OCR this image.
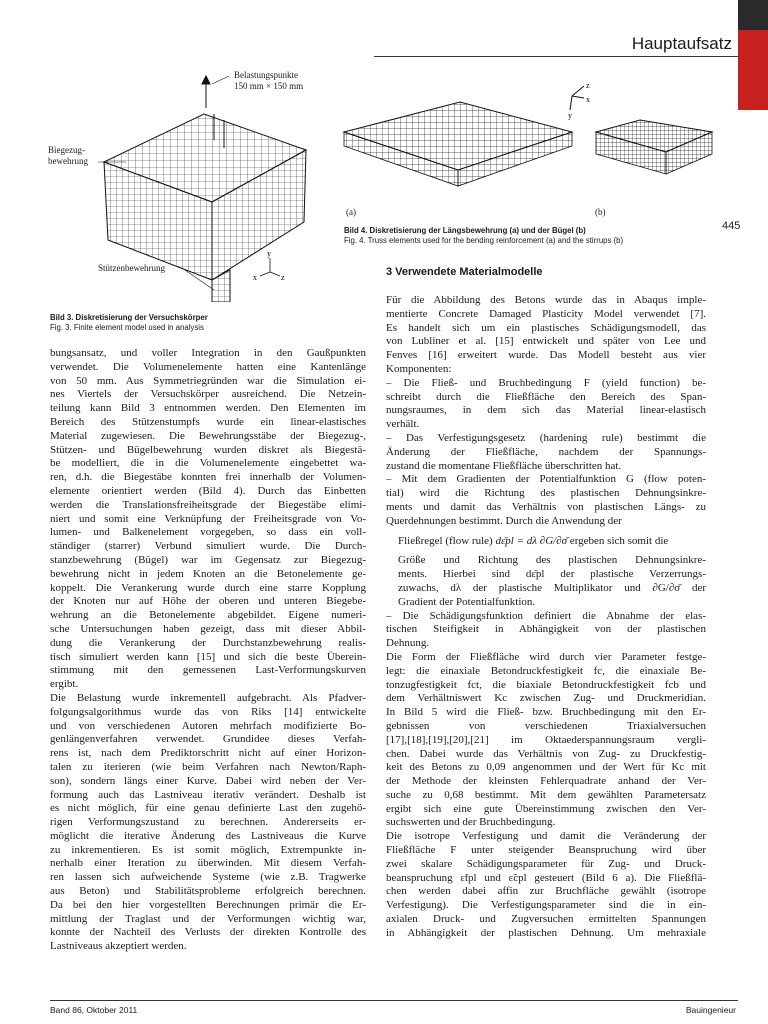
Hauptaufsatz
445
y
x	z
Belastungspunkte
150 mm × 150 mm
Biegezug-
bewehrung
Stützenbewehrung
Bild 3. Diskretisierung der Versuchskörper
Fig. 3. Finite element model used in analysis
z
x
y
(a)	(b)
Bild 4. Diskretisierung der Längsbewehrung (a) und der Bügel (b)
Fig. 4. Truss elements used for the bending reinforcement (a) and the stirrups (b)
bungsansatz, und voller Integration in den Gaußpunkten
verwendet. Die Volumenelemente hatten eine Kantenlänge
von 50 mm. Aus Symmetriegründen war die Simulation ei-
nes Viertels der Versuchskörper ausreichend. Die Netzein-
teilung kann Bild 3 entnommen werden. Den Elementen im
Bereich des Stützenstumpfs wurde ein linear-elastisches
Material zugewiesen. Die Bewehrungsstäbe der Biegezug-,
Stützen- und Bügelbewehrung wurden diskret als Biegestä-
be modelliert, die in die Volumenelemente eingebettet wa-
ren, d.h. die Biegestäbe konnten frei innerhalb der Volumen-
elemente orientiert werden (Bild 4). Durch das Einbetten
werden die Translationsfreiheitsgrade der Biegestäbe elimi-
niert und somit eine Verknüpfung der Freiheitsgrade von Vo-
lumen- und Balkenelement vorgegeben, so dass ein voll-
ständiger (starrer) Verbund simuliert wurde. Die Durch-
stanzbewehrung (Bügel) war im Gegensatz zur Biegezug-
bewehrung nicht in jedem Knoten an die Betonelemente ge-
koppelt. Die Verankerung wurde durch eine starre Kopplung
der Knoten nur auf Höhe der oberen und unteren Biegebe-
wehrung an die Betonelemente abgebildet. Eigene numeri-
sche Untersuchungen haben gezeigt, dass mit dieser Abbil-
dung die Verankerung der Durchstanzbewehrung realis-
tisch simuliert werden kann [15] und sich die beste Überein-
stimmung mit den gemessenen Last-Verformungskurven
ergibt.
Die Belastung wurde inkrementell aufgebracht. Als Pfadver-
folgungsalgorithmus wurde das von Riks [14] entwickelte
und von verschiedenen Autoren mehrfach modifizierte Bo-
genlängenverfahren verwendet. Grundidee dieses Verfah-
rens ist, nach dem Prediktorschritt nicht auf einer Horizon-
talen zu iterieren (wie beim Verfahren nach Newton/Raph-
son), sondern längs einer Kurve. Dabei wird neben der Ver-
formung auch das Lastniveau iterativ verändert. Deshalb ist
es nicht möglich, für eine genau definierte Last den zugehö-
rigen Verformungszustand zu berechnen. Andererseits er-
möglicht die iterative Änderung des Lastniveaus die Kurve
zu inkrementieren. Es ist somit möglich, Extrempunkte in-
nerhalb einer Iteration zu überwinden. Mit diesem Verfah-
ren lassen sich aufweichende Systeme (wie z.B. Tragwerke
aus Beton) und Stabilitätsprobleme erfolgreich berechnen.
Da bei den hier vorgestellten Berechnungen primär die Er-
mittlung der Traglast und der Verformungen wichtig war,
konnte der Nachteil des Verlusts der direkten Kontrolle des
Lastniveaus akzeptiert werden.
3 Verwendete Materialmodelle
Für die Abbildung des Betons wurde das in Abaqus imple-
mentierte Concrete Damaged Plasticity Model verwendet [7].
Es handelt sich um ein plastisches Schädigungsmodell, das
von Lubliner et al. [15] entwickelt und später von Lee und
Fenves [16] erweitert wurde. Das Modell besteht aus vier
Komponenten:
– Die Fließ- und Bruchbedingung F (yield function) be-
schreibt durch die Fließfläche den Bereich des Span-
nungsraumes, in dem sich das Material linear-elastisch
verhält.
– Das Verfestigungsgesetz (hardening rule) bestimmt die
Änderung der Fließfläche, nachdem der Spannungs-
zustand die momentane Fließfläche überschritten hat.
– Mit dem Gradienten der Potentialfunktion G (flow poten-
tial) wird die Richtung des plastischen Dehnungsinkre-
ments und damit das Verhältnis von plastischen Längs- zu
Querdehnungen bestimmt. Durch die Anwendung der
Fließregel (flow rule) dε̄pl = dλ ∂G/∂σ̄ ergeben sich somit die
Größe und Richtung des plastischen Dehnungsinkre-
ments. Hierbei sind dε̄pl der plastische Verzerrungs-
zuwachs, dλ der plastische Multiplikator und ∂G/∂σ̄ der
Gradient der Potentialfunktion.
– Die Schädigungsfunktion definiert die Abnahme der elas-
tischen Steifigkeit in Abhängigkeit von der plastischen
Dehnung.
Die Form der Fließfläche wird durch vier Parameter festge-
legt: die einaxiale Betondruckfestigkeit fc, die einaxiale Be-
tonzugfestigkeit fct, die biaxiale Betondruckfestigkeit fcb und
dem Verhältniswert Kc zwischen Zug- und Druckmeridian.
In Bild 5 wird die Fließ- bzw. Bruchbedingung mit den Er-
gebnissen von verschiedenen Triaxialversuchen
[17],[18],[19],[20],[21] im Oktaederspannungsraum vergli-
chen. Dabei wurde das Verhältnis von Zug- zu Druckfestig-
keit des Betons zu 0,09 angenommen und der Wert für Kc mit
der Methode der kleinsten Fehlerquadrate anhand der Ver-
suche zu 0,68 bestimmt. Mit dem gewählten Parametersatz
ergibt sich eine gute Übereinstimmung zwischen den Ver-
suchswerten und der Bruchbedingung.
Die isotrope Verfestigung und damit die Veränderung der
Fließfläche F unter steigender Beanspruchung wird über
zwei skalare Schädigungsparameter für Zug- und Druck-
beanspruchung ε̃tpl und ε̃cpl gesteuert (Bild 6 a). Die Fließflä-
chen werden dabei affin zur Bruchfläche gewählt (isotrope
Verfestigung). Die Verfestigungsparameter sind die in ein-
axialen Druck- und Zugversuchen ermittelten Spannungen
in Abhängigkeit der plastischen Dehnung. Um mehraxiale
Band 86, Oktober 2011	Bauingenieur
